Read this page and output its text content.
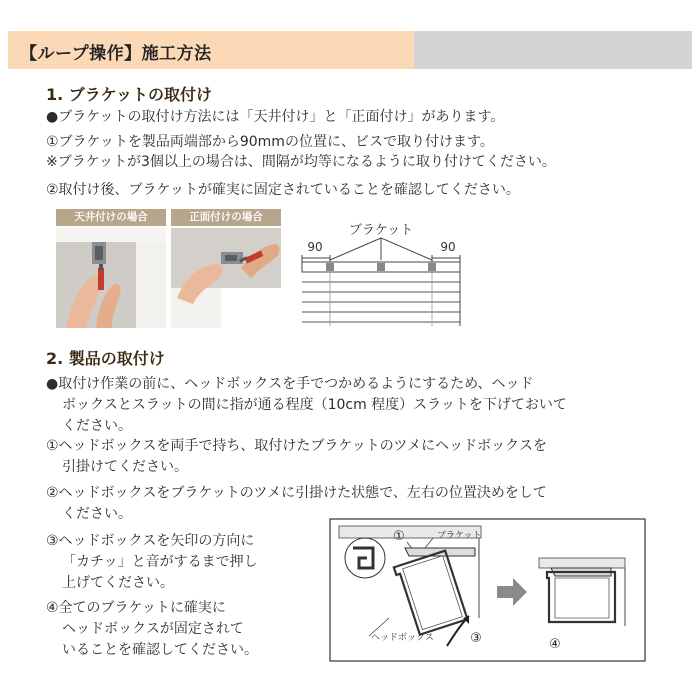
【ループ操作】施工方法
1. ブラケットの取付け
●ブラケットの取付け方法には「天井付け」と「正面付け」があります。
①ブラケットを製品両端部から90mmの位置に、ビスで取り付けます。
※ブラケットが3個以上の場合は、間隔が均等になるように取り付けてください。
②取付け後、ブラケットが確実に固定されていることを確認してください。
天井付けの場合	正面付けの場合
ブラケット
90	90
2. 製品の取付け
●取付け作業の前に、ヘッドボックスを手でつかめるようにするため、ヘッド
ボックスとスラットの間に指が通る程度（10cm 程度）スラットを下げておいて
ください。
①ヘッドボックスを両手で持ち、取付けたブラケットのツメにヘッドボックスを
引掛けてください。
②ヘッドボックスをブラケットのツメに引掛けた状態で、左右の位置決めをして
ください。
③ヘッドボックスを矢印の方向に
「カチッ」と音がするまで押し
上げてください。
④全てのブラケットに確実に
ヘッドボックスが固定されて
いることを確認してください。
①	ブラケット
ヘッドボックス	③	④
